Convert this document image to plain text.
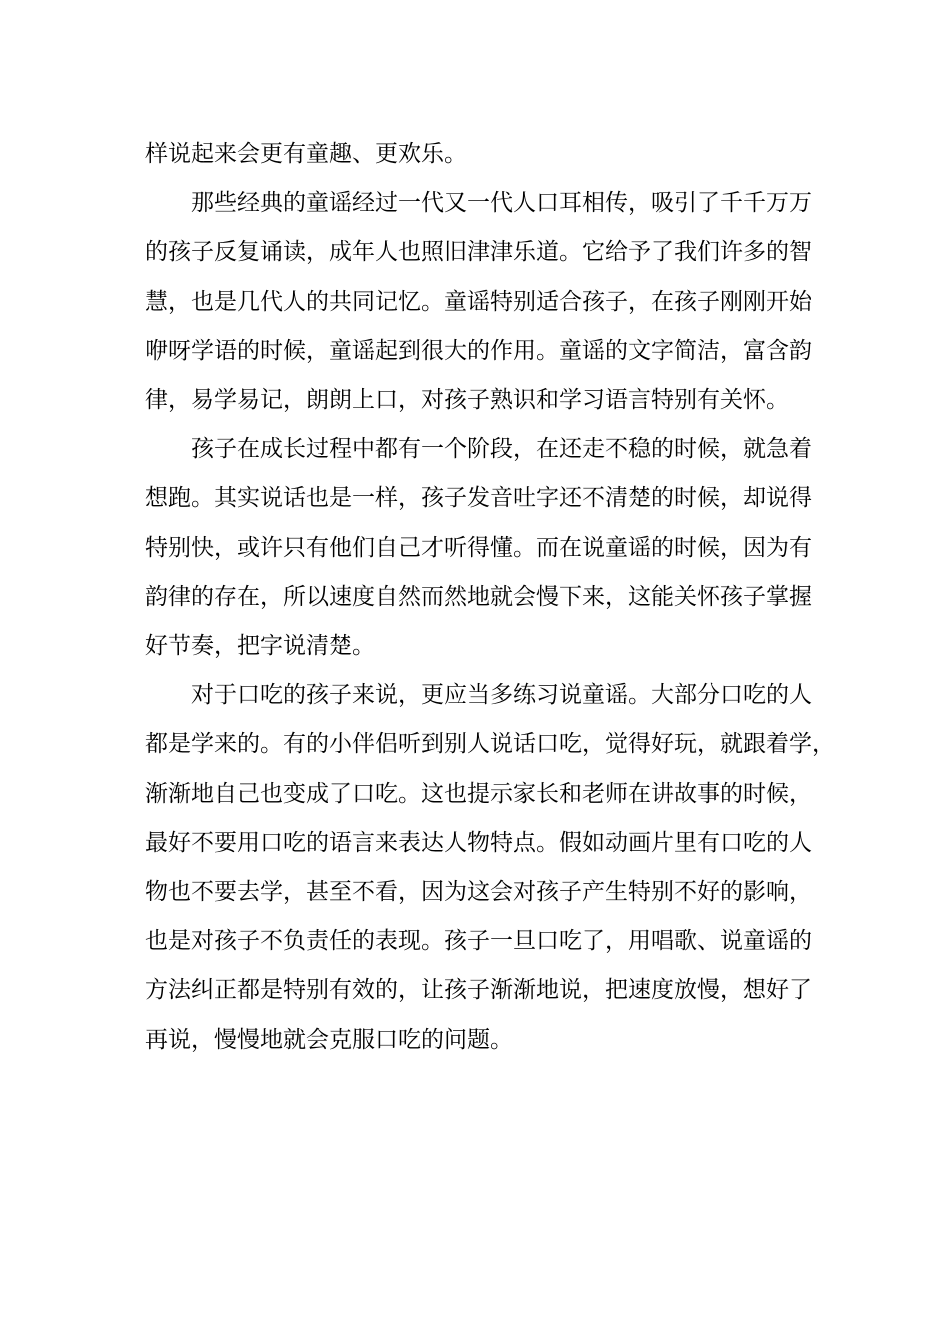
样说起来会更有童趣、更欢乐。

那些经典的童谣经过一代又一代人口耳相传，吸引了千千万万
的孩子反复诵读，成年人也照旧津津乐道。它给予了我们许多的智
慧，也是几代人的共同记忆。童谣特别适合孩子，在孩子刚刚开始
咿呀学语的时候，童谣起到很大的作用。童谣的文字简洁，富含韵
律，易学易记，朗朗上口，对孩子熟识和学习语言特别有关怀。

孩子在成长过程中都有一个阶段，在还走不稳的时候，就急着
想跑。其实说话也是一样，孩子发音吐字还不清楚的时候，却说得
特别快，或许只有他们自己才听得懂。而在说童谣的时候，因为有
韵律的存在，所以速度自然而然地就会慢下来，这能关怀孩子掌握
好节奏，把字说清楚。

对于口吃的孩子来说，更应当多练习说童谣。大部分口吃的人
都是学来的。有的小伴侣听到别人说话口吃，觉得好玩，就跟着学，
渐渐地自己也变成了口吃。这也提示家长和老师在讲故事的时候，
最好不要用口吃的语言来表达人物特点。假如动画片里有口吃的人
物也不要去学，甚至不看，因为这会对孩子产生特别不好的影响，
也是对孩子不负责任的表现。孩子一旦口吃了，用唱歌、说童谣的
方法纠正都是特别有效的，让孩子渐渐地说，把速度放慢，想好了
再说，慢慢地就会克服口吃的问题。
